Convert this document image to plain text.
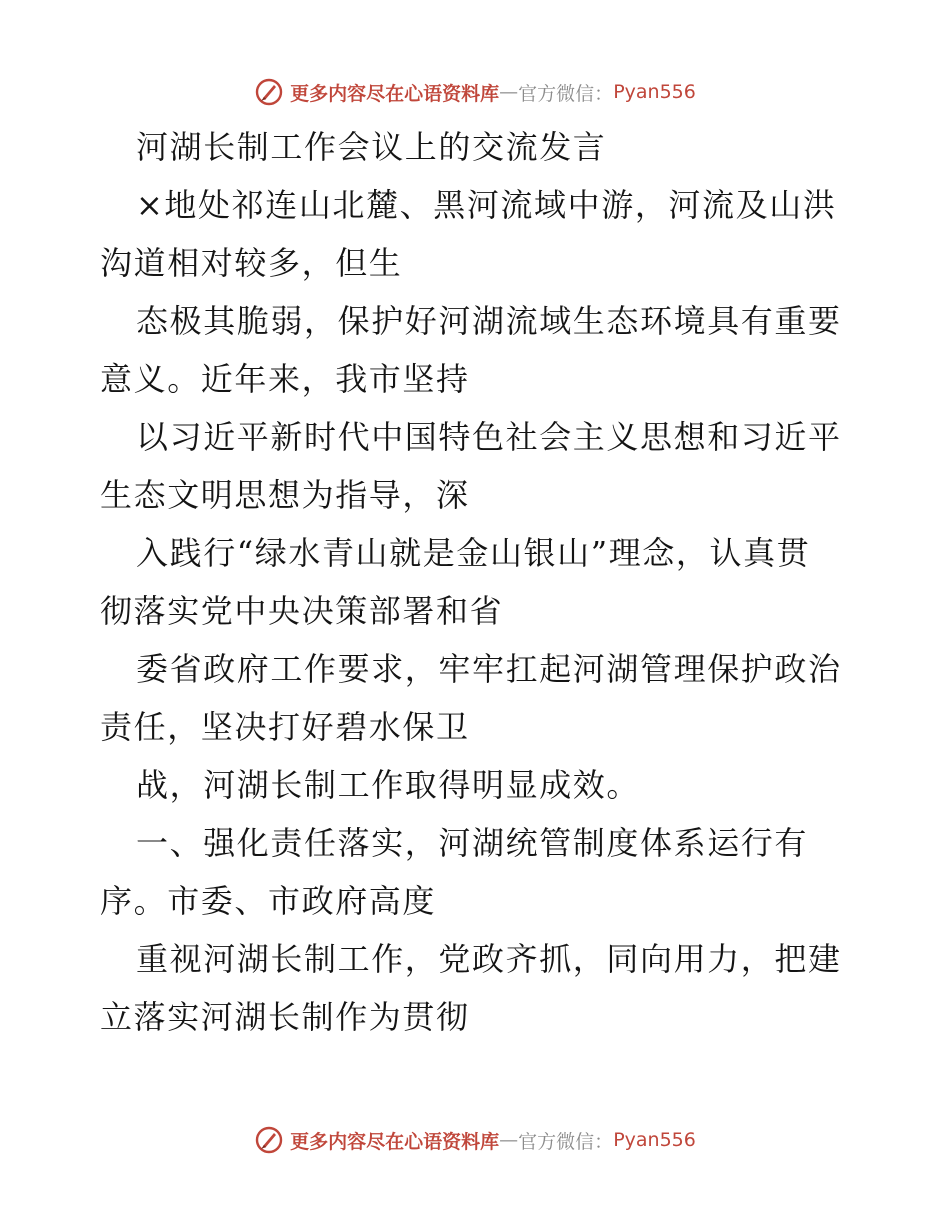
更多内容尽在心语资料库 — 官方微信： Pyan556
河湖长制工作会议上的交流发言
×地处祁连山北麓、黑河流域中游，河流及山洪
沟道相对较多，但生
态极其脆弱，保护好河湖流域生态环境具有重要
意义。近年来，我市坚持
以习近平新时代中国特色社会主义思想和习近平
生态文明思想为指导，深
入践行“绿水青山就是金山银山”理念，认真贯
彻落实党中央决策部署和省
委省政府工作要求，牢牢扛起河湖管理保护政治
责任，坚决打好碧水保卫
战，河湖长制工作取得明显成效。
一、强化责任落实，河湖统管制度体系运行有
序。市委、市政府高度
重视河湖长制工作，党政齐抓，同向用力，把建
立落实河湖长制作为贯彻
更多内容尽在心语资料库 — 官方微信： Pyan556
